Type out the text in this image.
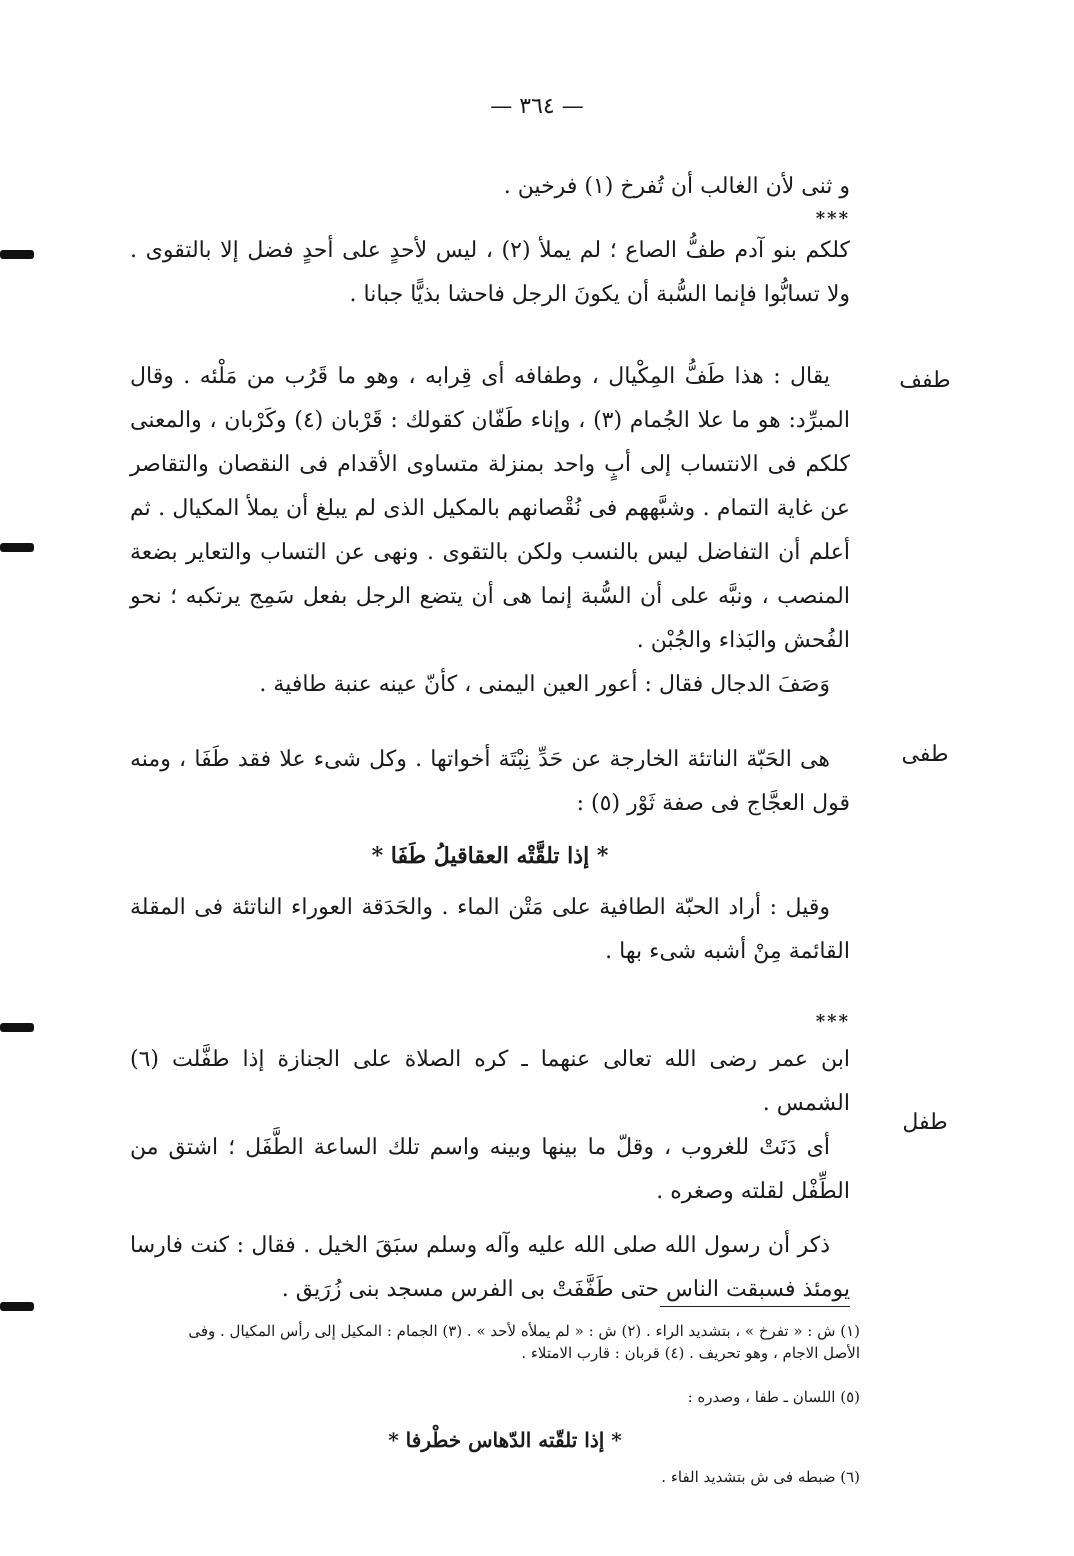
— ٣٦٤ —

و ثنى لأن الغالب أن تُفرخ (١) فرخين .

***

كلكم بنو آدم طفُّ الصاع ؛ لم يملأ (٢) ، ليس لأحدٍ على أحدٍ فضل إلا بالتقوى . ولا تسابُّوا فإنما السُّبة أن يكونَ الرجل فاحشا بذيًّا جبانا .

يقال : هذا طَفُّ المِكْيال ، وطفافه أى قِرابه ، وهو ما قَرُب من مَلْئه . وقال المبرِّد: هو ما علا الجُمام (٣) ، وإناء طَفّان كقولك : قَرْبان (٤) وكَرْبان ، والمعنى كلكم فى الانتساب إلى أبٍ واحد بمنزلة متساوى الأقدام فى النقصان والتقاصر عن غاية التمام . وشبَّههم فى نُقْصانهم بالمكيل الذى لم يبلغ أن يملأ المكيال . ثم أعلم أن التفاضل ليس بالنسب ولكن بالتقوى . ونهى عن التساب والتعاير بضعة المنصب ، ونبَّه على أن السُّبة إنما هى أن يتضع الرجل بفعل سَمِج يرتكبه ؛ نحو الفُحش والبَذاء والجُبْن .

وَصَفَ الدجال فقال : أعور العين اليمنى ، كأنّ عينه عنبة طافية .

هى الحَبّة الناتئة الخارجة عن حَدِّ نِبْتَة أخواتها . وكل شىء علا فقد طَفَا ، ومنه قول العجَّاج فى صفة ثَوْر (٥) :

* إذا تلقَّتْه العقاقيلُ طَفَا *

وقيل : أراد الحبّة الطافية على مَتْن الماء . والحَدَقة العوراء الناتئة فى المقلة القائمة مِنْ أشبه شىء بها .

***

ابن عمر رضى الله تعالى عنهما ـ كره الصلاة على الجنازة إذا طفَّلت (٦) الشمس .

أى دَنَتْ للغروب ، وقلّ ما بينها وبينه واسم تلك الساعة الطَّفَل ؛ اشتق من الطِّفْل لقلته وصغره .

ذكر أن رسول الله صلى الله عليه وآله وسلم سبَقَ الخيل . فقال : كنت فارسا يومئذ فسبقت الناس حتى طَفَّفَتْ بى الفرس مسجد بنى زُرَيق .

طفف
طفى
طفل
(١) ش : « تفرخ » ، بتشديد الراء . (٢) ش : « لم يملأه لأحد » . (٣) الجمام : المكيل إلى رأس المكيال . وفى الأصل الاجام ، وهو تحريف . (٤) قربان : قارب الامتلاء .
(٥) اللسان ـ طفا ، وصدره :
* إذا تلقّته الدّهاس خطْرفا *
(٦) ضبطه فى ش بتشديد الفاء .
